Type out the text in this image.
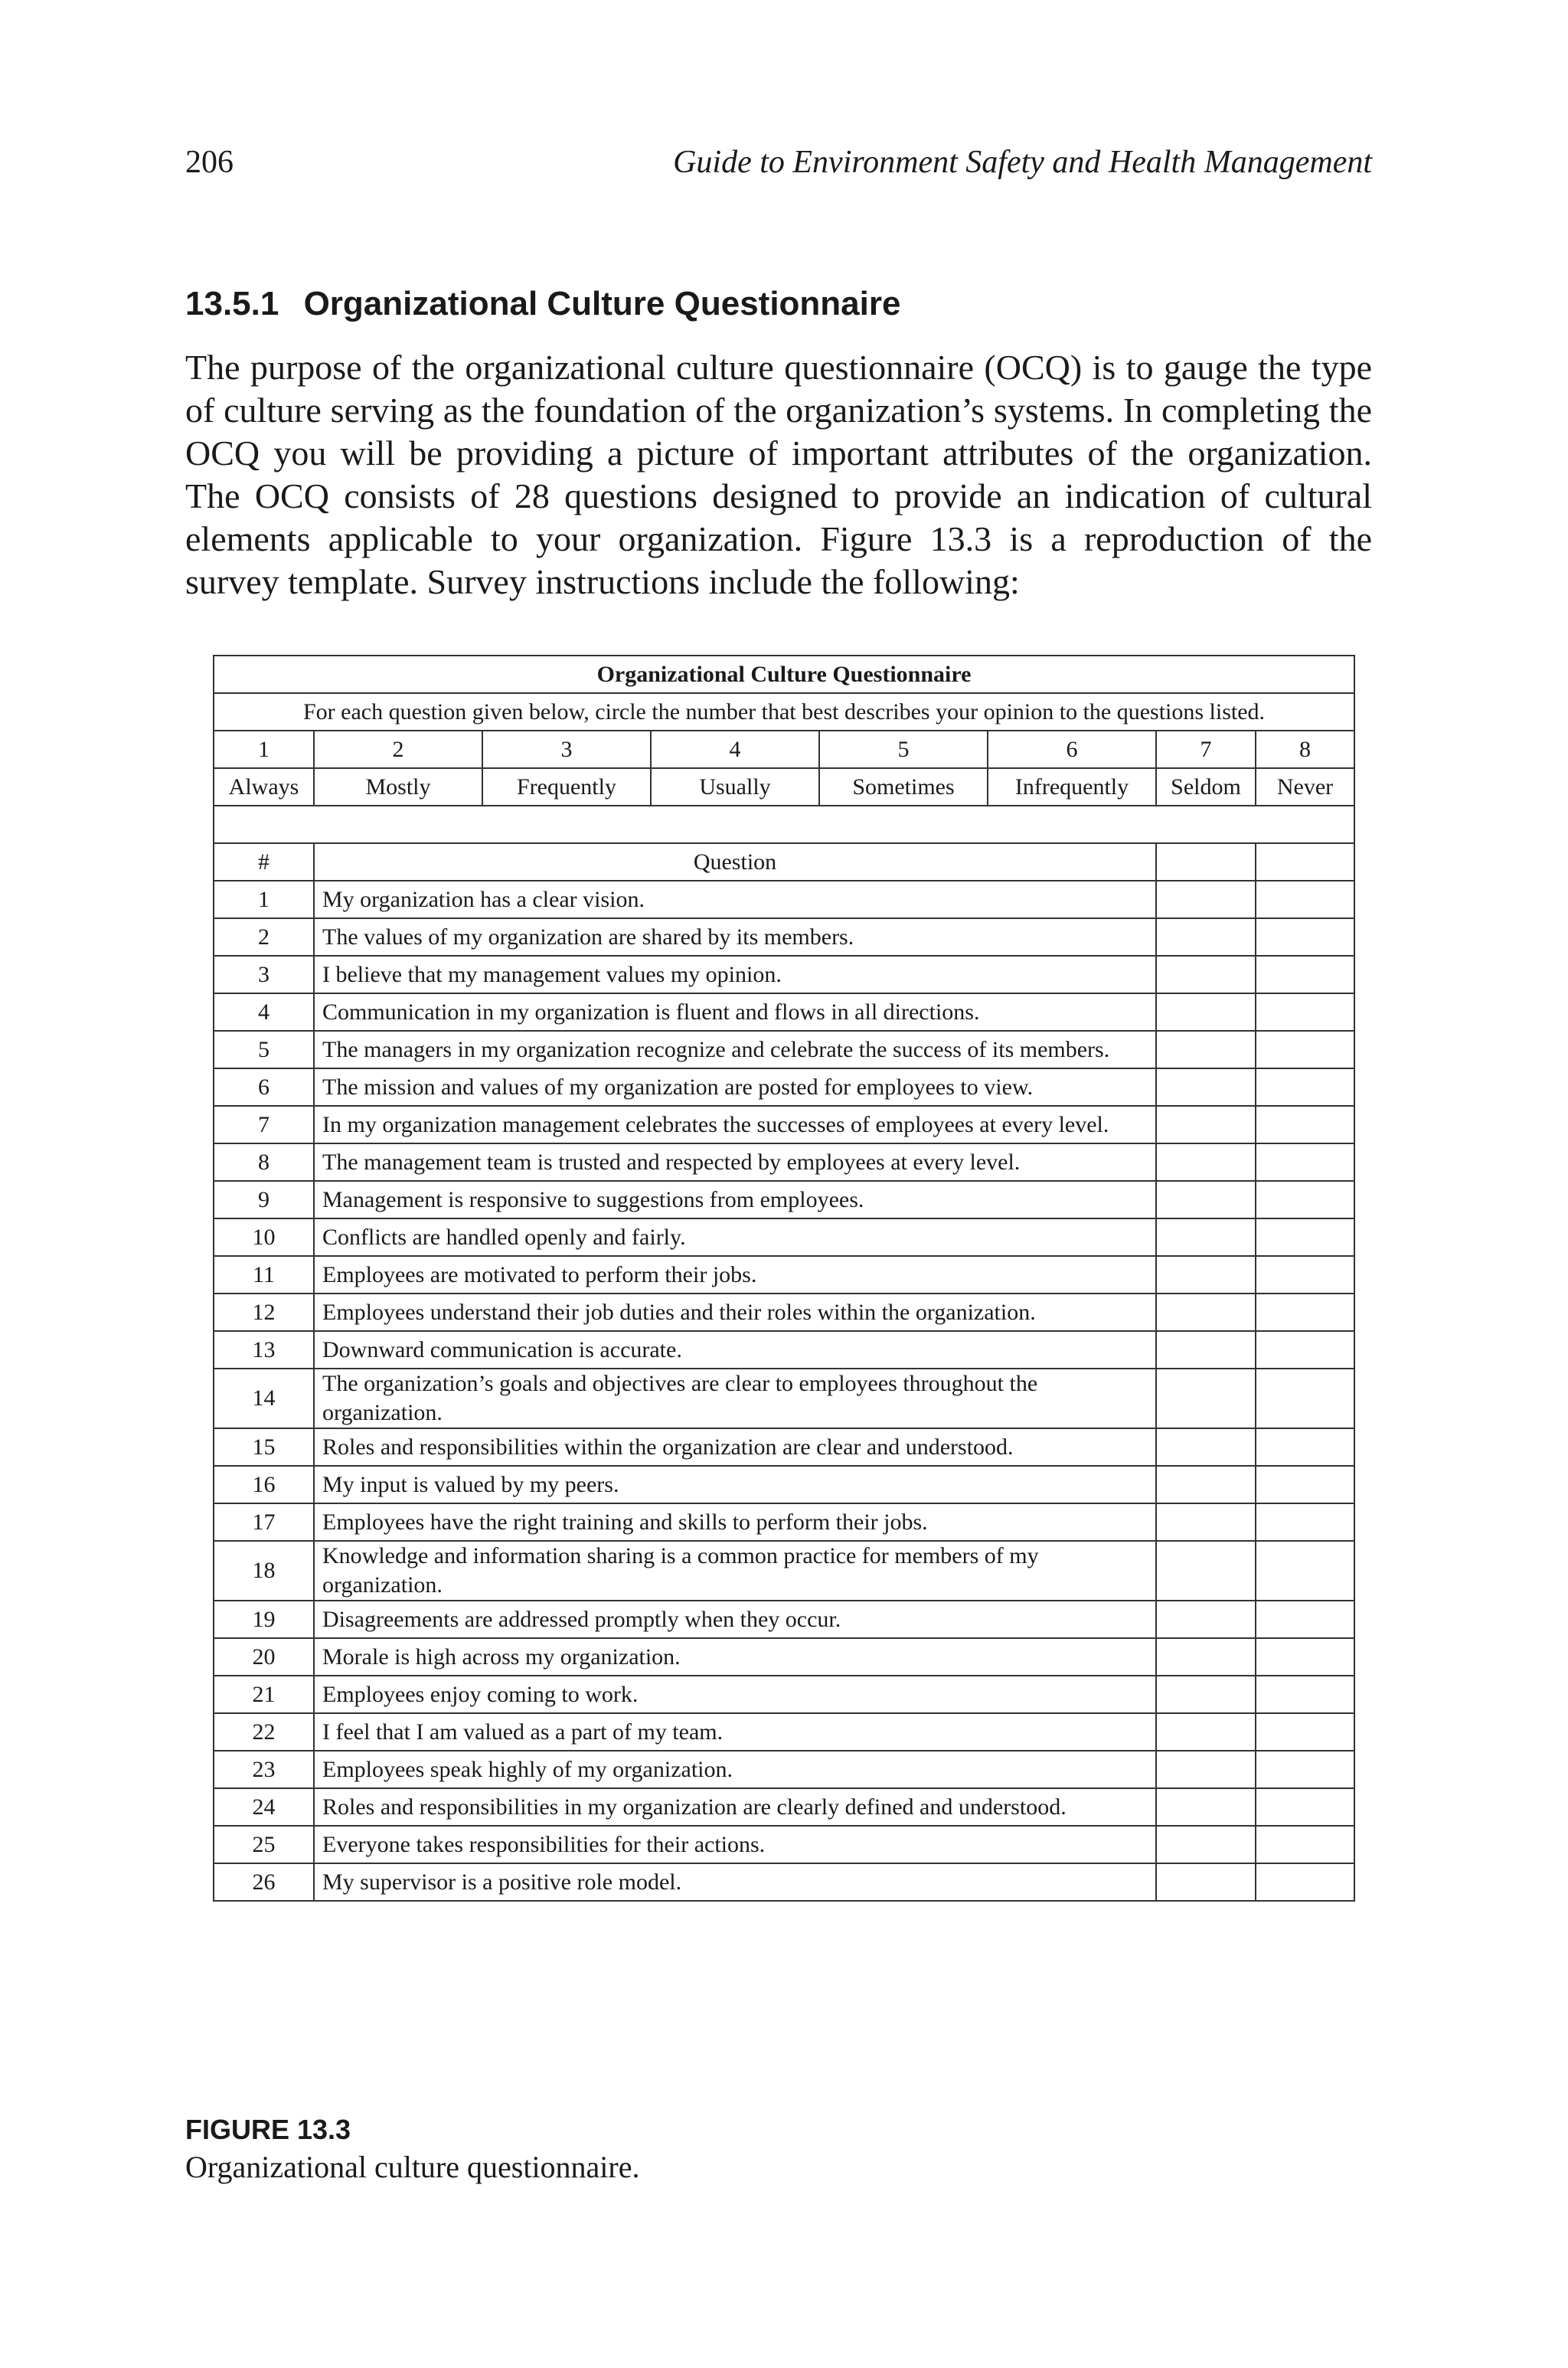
206	Guide to Environment Safety and Health Management
13.5.1 Organizational Culture Questionnaire

The purpose of the organizational culture questionnaire (OCQ) is to gauge the type of culture serving as the foundation of the organization’s systems. In completing the OCQ you will be providing a picture of important attributes of the organization. The OCQ consists of 28 questions designed to provide an indication of cultural elements applicable to your organization. Figure 13.3 is a reproduction of the survey template. Survey instructions include the following:

Organizational Culture Questionnaire							
For each question given below, circle the number that best describes your opinion to the questions listed.							
1	2	3	4	5	6	7	8
Always	Mostly	Frequently	Usually	Sometimes	Infrequently	Seldom	Never

#	Question						
1	My organization has a clear vision.						
2	The values of my organization are shared by its members.						
3	I believe that my management values my opinion.						
4	Communication in my organization is fluent and flows in all directions.						
5	The managers in my organization recognize and celebrate the success of its members.						
6	The mission and values of my organization are posted for employees to view.						
7	In my organization management celebrates the successes of employees at every level.						
8	The management team is trusted and respected by employees at every level.						
9	Management is responsive to suggestions from employees.						
10	Conflicts are handled openly and fairly.						
11	Employees are motivated to perform their jobs.						
12	Employees understand their job duties and their roles within the organization.						
13	Downward communication is accurate.						
14	The organization’s goals and objectives are clear to employees throughout the organization.						
15	Roles and responsibilities within the organization are clear and understood.						
16	My input is valued by my peers.						
17	Employees have the right training and skills to perform their jobs.						
18	Knowledge and information sharing is a common practice for members of my organization.						
19	Disagreements are addressed promptly when they occur.						
20	Morale is high across my organization.						
21	Employees enjoy coming to work.						
22	I feel that I am valued as a part of my team.						
23	Employees speak highly of my organization.						
24	Roles and responsibilities in my organization are clearly defined and understood.						
25	Everyone takes responsibilities for their actions.						
26	My supervisor is a positive role model.						
FIGURE 13.3
Organizational culture questionnaire.
